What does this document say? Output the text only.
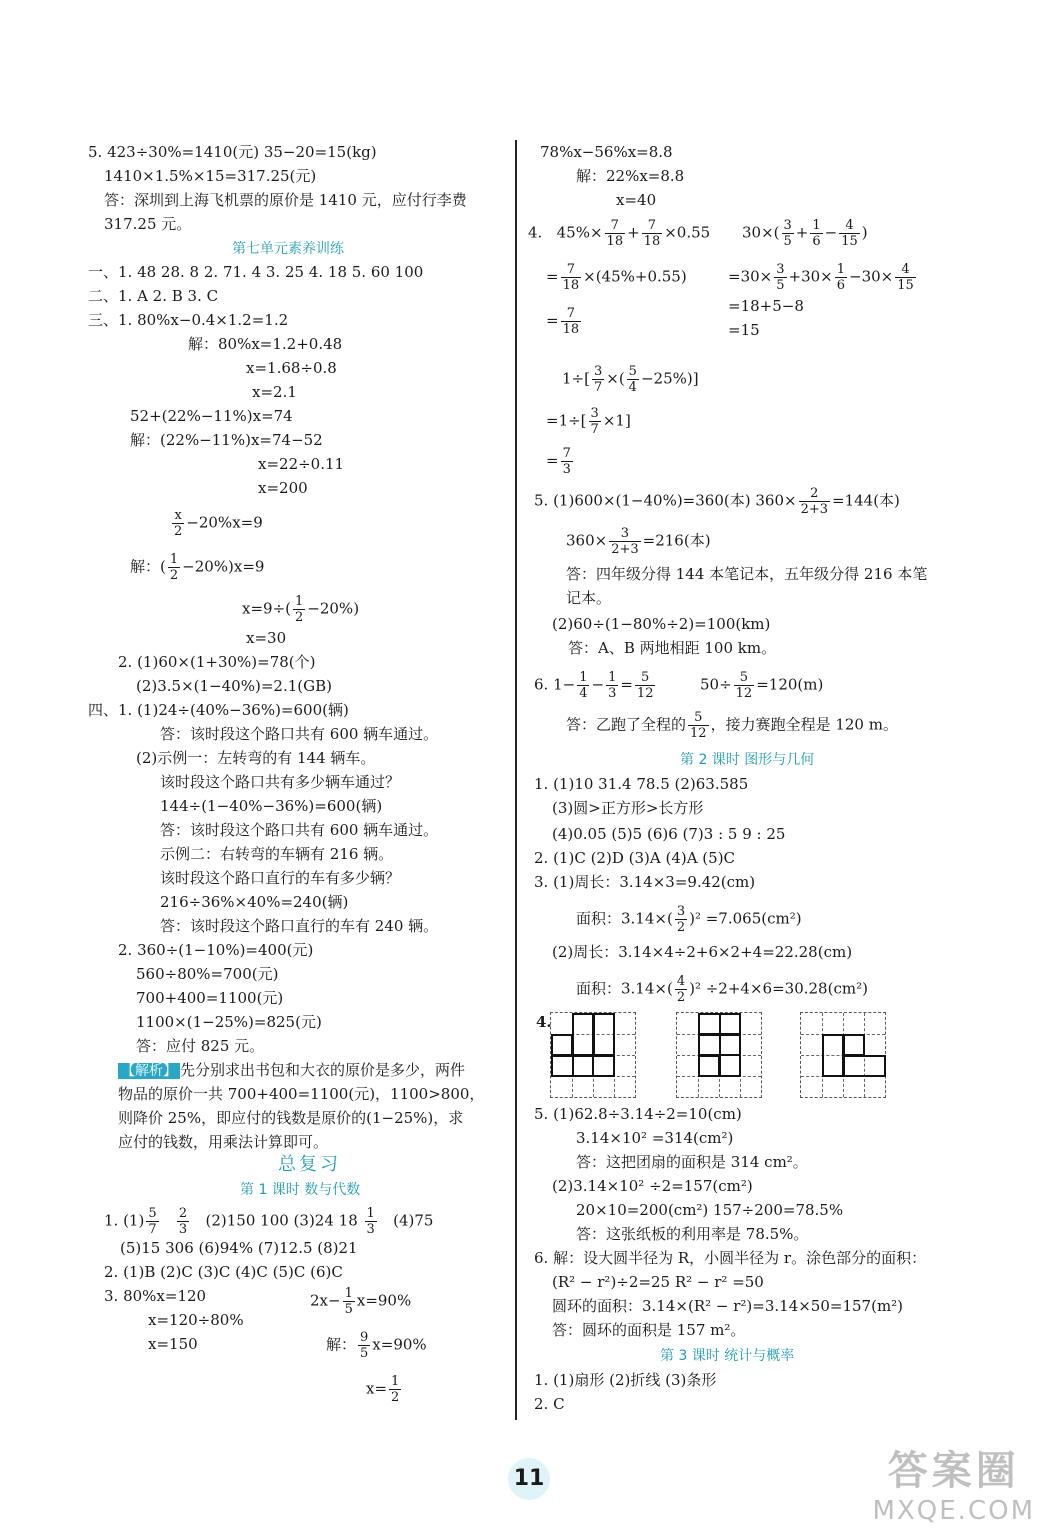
5. 423÷30%=1410(元) 35−20=15(kg)
1410×1.5%×15=317.25(元)
答：深圳到上海飞机票的原价是 1410 元，应付行李费
317.25 元。
第七单元素养训练
一、1. 48 28. 8 2. 71. 4 3. 25 4. 18 5. 60 100
二、1. A 2. B 3. C
三、1. 80%x−0.4×1.2=1.2
解：80%x=1.2+0.48
x=1.68÷0.8
x=2.1
52+(22%−11%)x=74
解：(22%−11%)x=74−52
x=22÷0.11
x=200
$\frac{x}{2} -20\%x=9$
解：( $\frac{1}{2} -20\%)x=9$
$x=9\div( \frac{1}{2} -20\%)$
x=30
2. (1)60×(1+30%)=78(个)
(2)3.5×(1−40%)=2.1(GB)
四、1. (1)24÷(40%−36%)=600(辆)
答：该时段这个路口共有 600 辆车通过。
(2)示例一：左转弯的有 144 辆车。
该时段这个路口共有多少辆车通过？
144÷(1−40%−36%)=600(辆)
答：该时段这个路口共有 600 辆车通过。
示例二：右转弯的车辆有 216 辆。
该时段这个路口直行的车有多少辆？
216÷36%×40%=240(辆)
答：该时段这个路口直行的车有 240 辆。
2. 360÷(1−10%)=400(元)
560÷80%=700(元)
700+400=1100(元)
1100×(1−25%)=825(元)
答：应付 825 元。
【解析】 先分别求出书包和大衣的原价是多少，两件
物品的原价一共 700+400=1100(元)，1100>800，
则降价 25%，即应付的钱数是原价的(1−25%)，求
应付的钱数，用乘法计算即可。
总复习
第 1 课时 数与代数
1. $(1) \frac{5}{7}$
$\frac{2}{3} (2)150$ 100 (3)24 $18 \frac{1}{3} (4)75$
(5)15 306 (6)94% (7)12.5 (8)21
2. (1)B (2)C (3)C (4)C (5)C (6)C
3. 80%x=120	$2x- \frac{1}{5} x=90\%$
x=120÷80%
x=150	解： $\frac{9}{5} x=90\%$
$x= \frac{1}{2}$
78%x−56%x=8.8
解：22%x=8.8
x=40
4. $45\%\times \frac{7}{18} + \frac{7}{18} \times 0.55$ $30\times( \frac{3}{5} + \frac{1}{6} - \frac{4}{15}$ )
= $\frac{7}{18} \times(45\%+0.55)$	$=30\times \frac{3}{5} +30\times \frac{1}{6} -30\times \frac{4}{15}$
= $\frac{7}{18}$	=18+5−8
=15
$1\div[ \frac{3}{7}$ ×( $\frac{5}{4} -25\%$)]
$=1\div[ \frac{3}{7} \times 1]$
= $\frac{7}{3}$
5. (1)600×(1−40%)=360(本) $360\times \frac{2}{2+3} =144$(本)
$360\times \frac{3}{2+3} =216$(本)
答：四年级分得 144 本笔记本，五年级分得 216 本笔
记本。
(2)60÷(1−80%÷2)=100(km)
答：A、B 两地相距 100 km。
6. $1- \frac{1}{4} - \frac{1}{3} = \frac{5}{12}$	$50\div \frac{5}{12} =120(m)$
答：乙跑了全程的 $\frac{5}{12}$ ，接力赛跑全程是 120 m。
第 2 课时 图形与几何
1. (1)10 31.4 78.5 (2)63.585
(3)圆>正方形>长方形
(4)0.05 (5)5 (6)6 (7)3 : 5 9 : 25
2. (1)C (2)D (3)A (4)A (5)C
3. (1)周长：3.14×3=9.42(cm)
面积：$3.14\times( \frac{3}{2} )^2 =7.065(cm^2)$
(2)周长：3.14×4÷2+6×2+4=22.28(cm)
面积：$3.14\times( \frac{4}{2} )^2 \div 2+4\times 6=30.28(cm^2)$
4.
5. (1)62.8÷3.14÷2=10(cm)
3.14×10² =314(cm²)
答：这把团扇的面积是 314 cm²。
(2)3.14×10² ÷2=157(cm²)
20×10=200(cm²) 157÷200=78.5%
答：这张纸板的利用率是 78.5%。
6. 解：设大圆半径为 R，小圆半径为 r。涂色部分的面积：
(R² − r²)÷2=25 R² − r² =50
圆环的面积：3.14×(R² − r²)=3.14×50=157(m²)
答：圆环的面积是 157 m²。
第 3 课时 统计与概率
1. (1)扇形 (2)折线 (3)条形
2. C
11	答案圈
MXQE.COM
